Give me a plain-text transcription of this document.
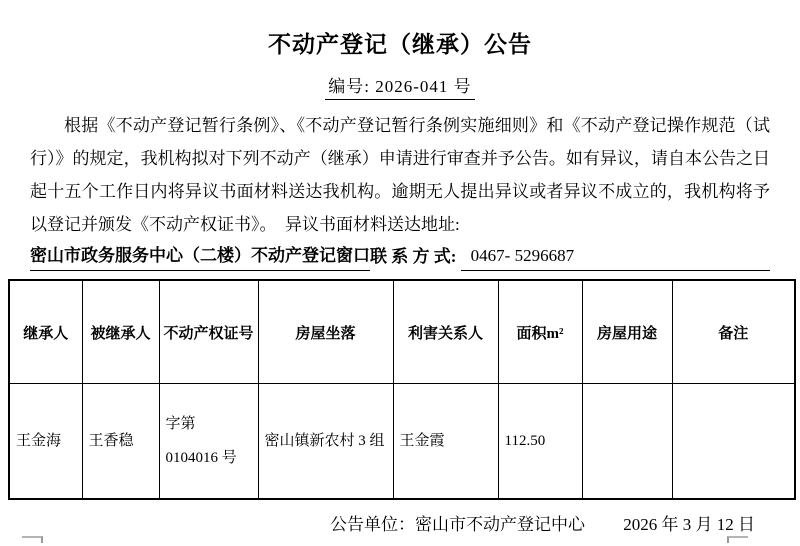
不动产登记（继承）公告
编号: 2026-041 号

根据《不动产登记暂行条例》、《不动产登记暂行条例实施细则》和《不动产登记操作规范（试行）》的规定，我机构拟对下列不动产（继承）申请进行审查并予公告。如有异议，请自本公告之日起十五个工作日内将异议书面材料送达我机构。逾期无人提出异议或者异议不成立的，我机构将予以登记并颁发《不动产权证书》。　异议书面材料送达地址:

密山市政务服务中心（二楼）不动产登记窗口 联 系 方 式: 0467- 5296687
继承人	被继承人	不动产权证号	房屋坐落	利害关系人	面积m²	房屋用途	备注
王金海	王香稳	字第 0104016 号	密山镇新农村 3 组	王金霞	112.50		
公告单位：密山市不动产登记中心 2026 年 3 月 12 日
